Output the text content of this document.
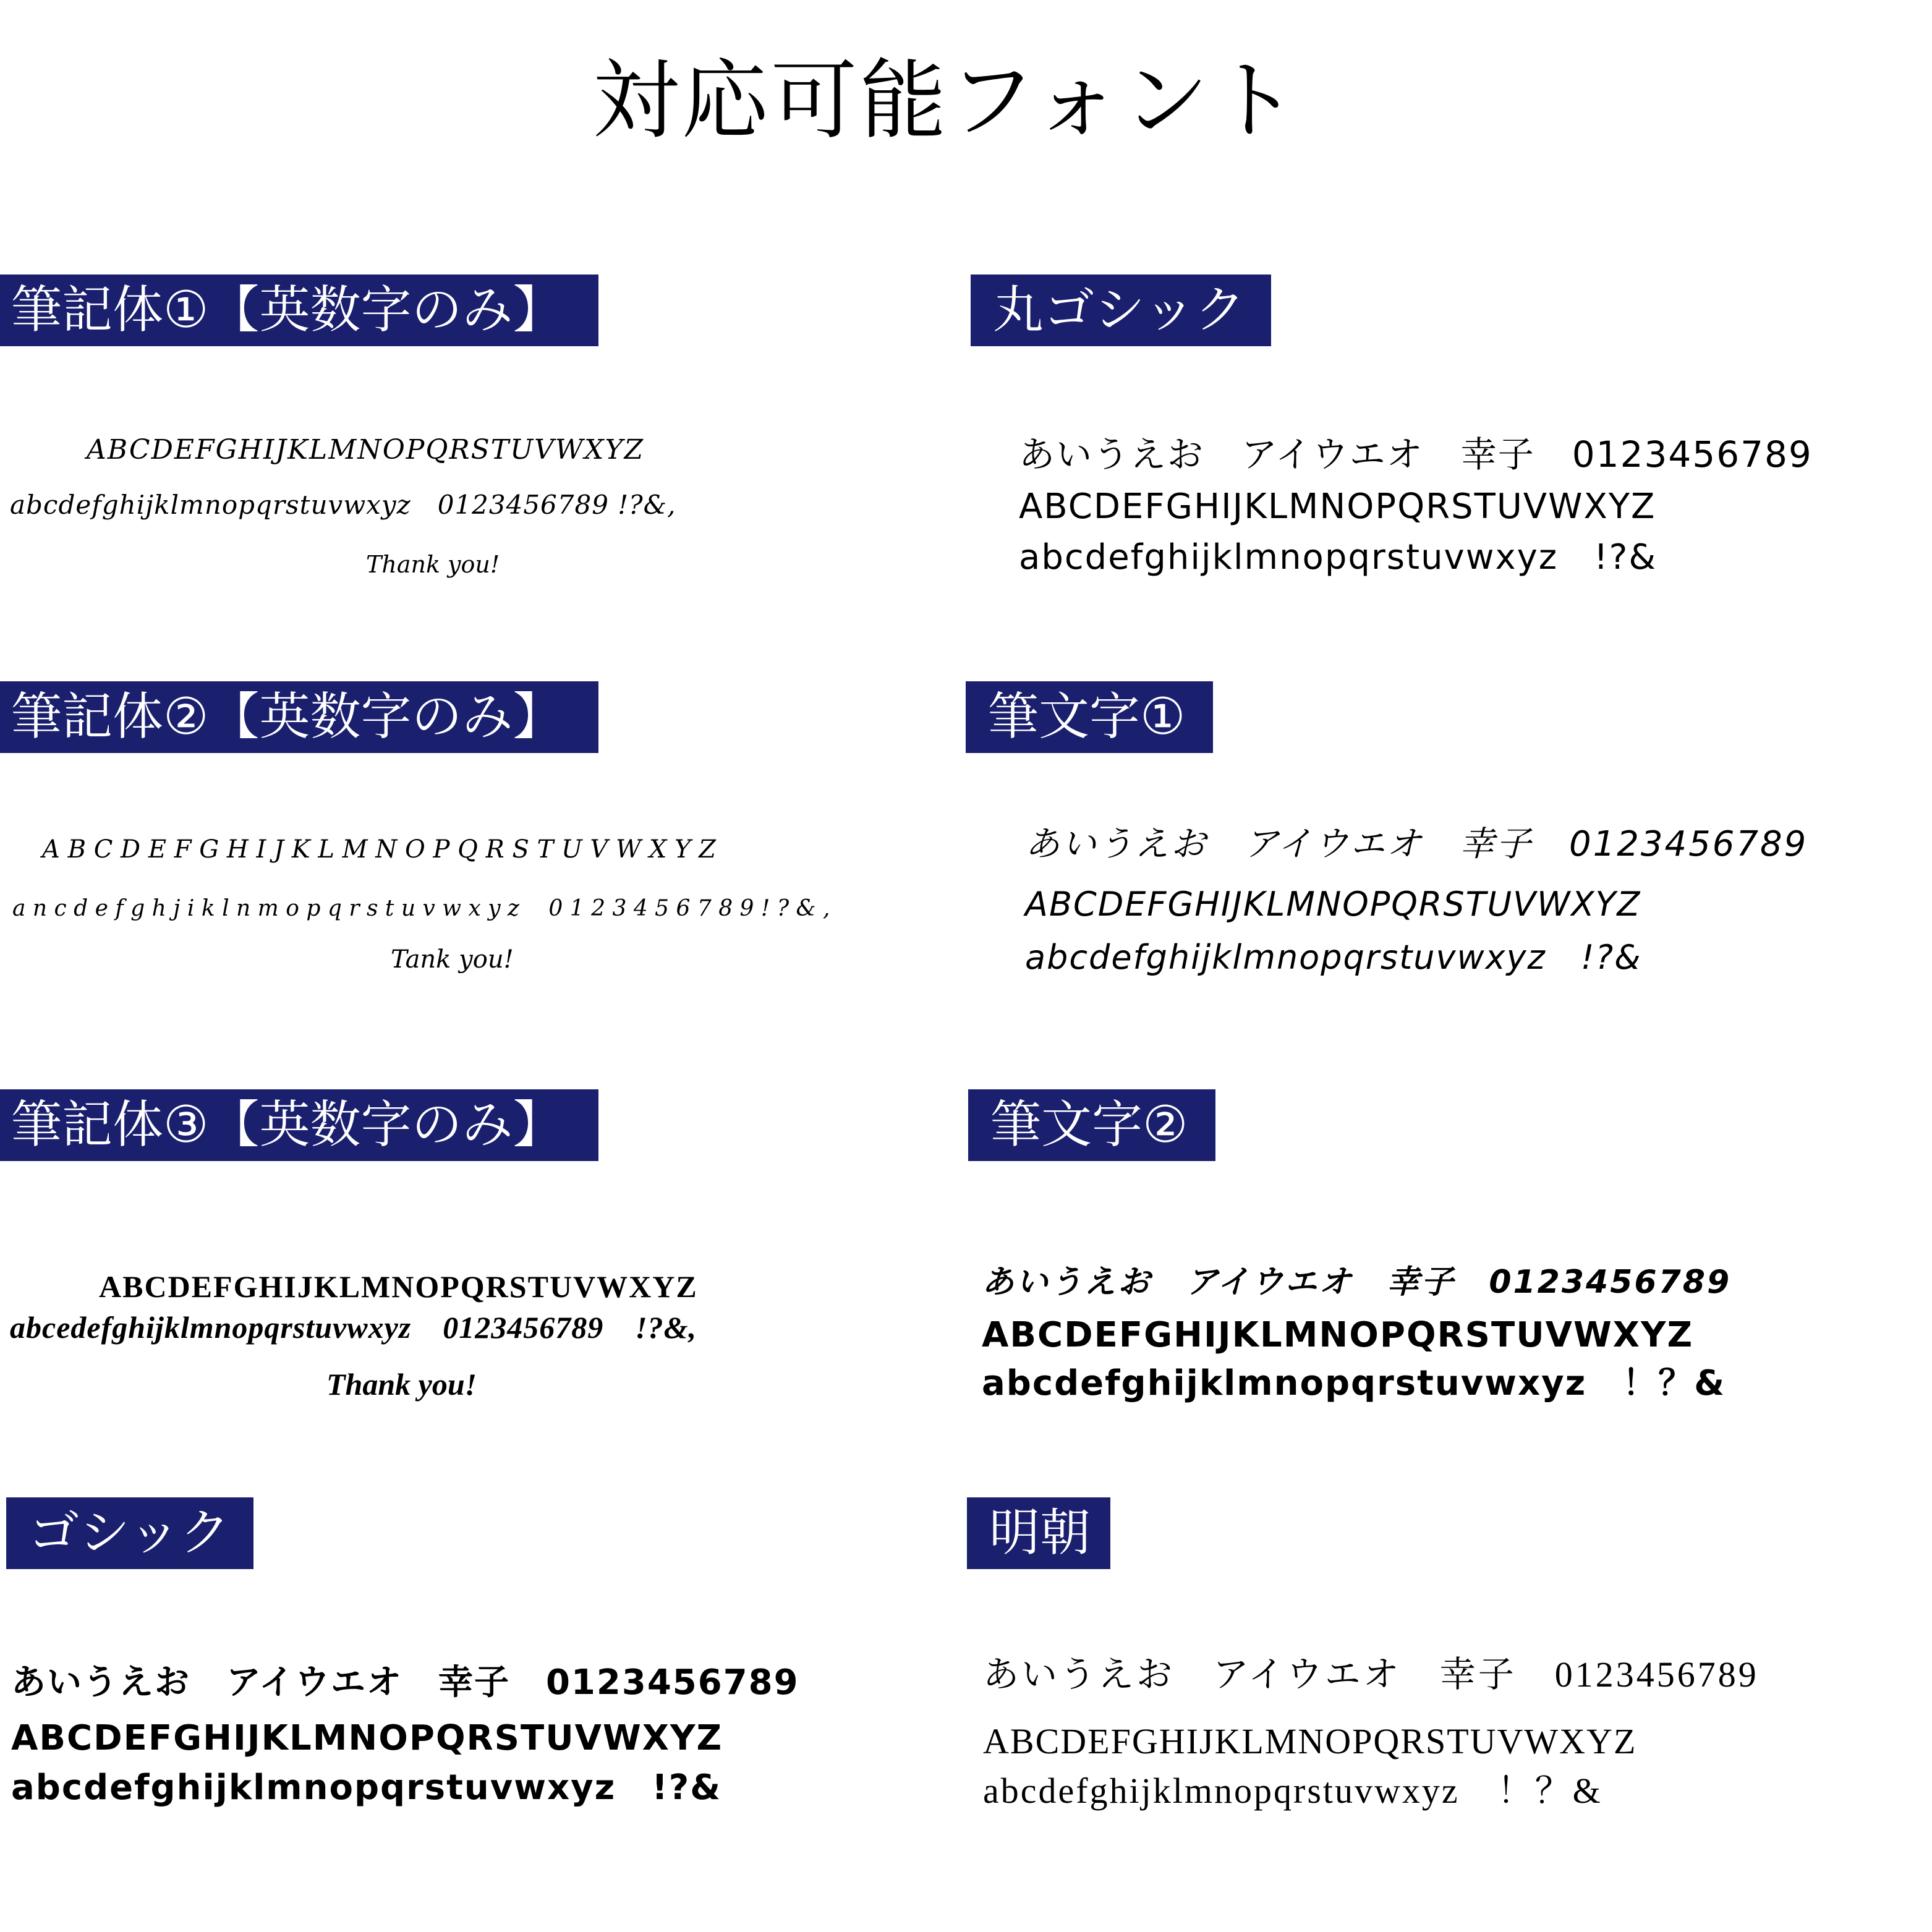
対応可能フォント
筆記体①【英数字のみ】
ABCDEFGHIJKLMNOPQRSTUVWXYZ
abcdefghijklmnopqrstuvwxyz　0123456789 !?&,
Thank you!
丸ゴシック
あいうえお　アイウエオ　幸子　0123456789
ABCDEFGHIJKLMNOPQRSTUVWXYZ
abcdefghijklmnopqrstuvwxyz　!?&
筆記体②【英数字のみ】
A B C D E F G H I J K L M N O P Q R S T U V W X Y Z
a n c d e f g h j i k l n m o p q r s t u v w x y z　 0 1 2 3 4 5 6 7 8 9 ! ? & ,
Tank you!
筆文字①
あいうえお　アイウエオ　幸子　0123456789
ABCDEFGHIJKLMNOPQRSTUVWXYZ
abcdefghijklmnopqrstuvwxyz　!?&
筆記体③【英数字のみ】
ABCDEFGHIJKLMNOPQRSTUVWXYZ
abcedefghijklmnopqrstuvwxyz　0123456789　!?&,
Thank you!
筆文字②
あいうえお　アイウエオ　幸子　0123456789
ABCDEFGHIJKLMNOPQRSTUVWXYZ
abcdefghijklmnopqrstuvwxyz　！？&
ゴシック
あいうえお　アイウエオ　幸子　0123456789
ABCDEFGHIJKLMNOPQRSTUVWXYZ
abcdefghijklmnopqrstuvwxyz　!?&
明朝
あいうえお　アイウエオ　幸子　0123456789
ABCDEFGHIJKLMNOPQRSTUVWXYZ
abcdefghijklmnopqrstuvwxyz　！？&
